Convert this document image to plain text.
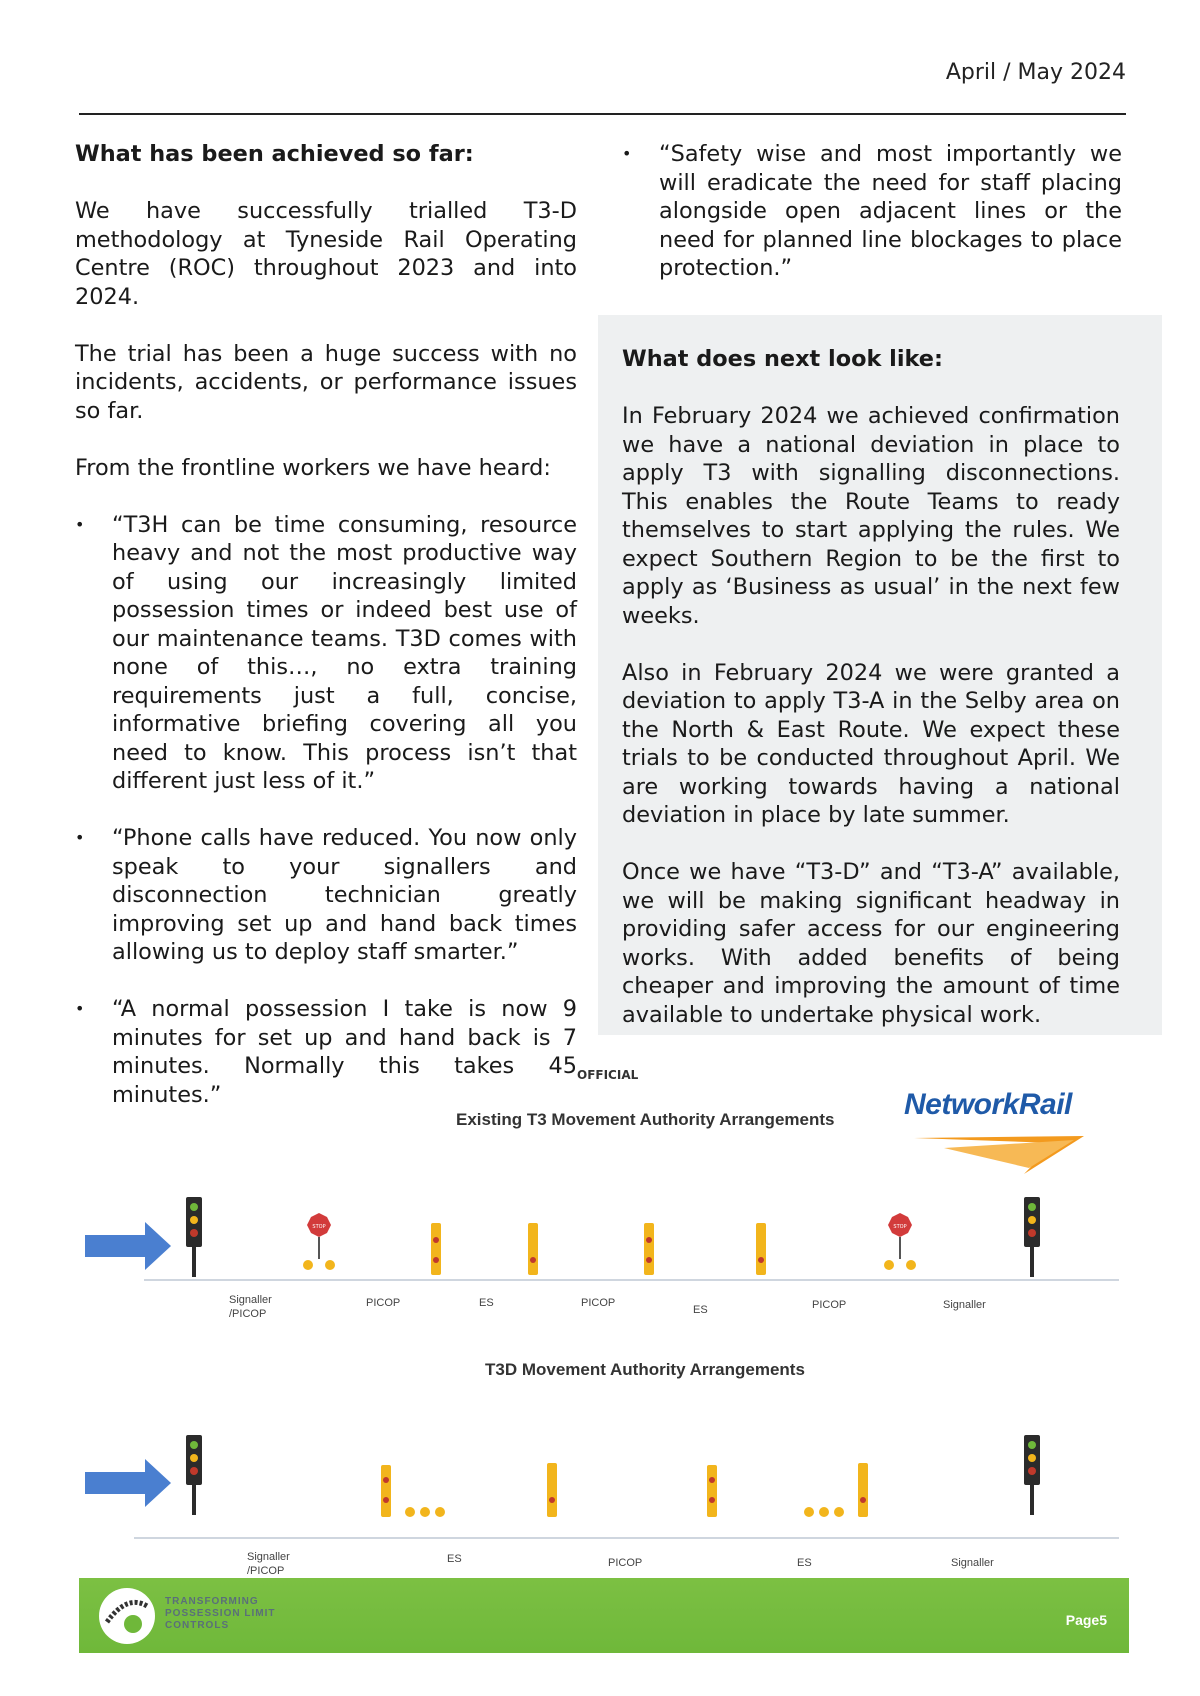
April / May 2024
What has been achieved so far:

We have successfully trialled T3-D methodology at Tyneside Rail Operating Centre (ROC) throughout 2023 and into 2024.

The trial has been a huge success with no incidents, accidents, or performance issues so far.

From the frontline workers we have heard:

• “T3H can be time consuming, resource heavy and not the most productive way of using our increasingly limited possession times or indeed best use of our maintenance teams. T3D comes with none of this…, no extra training requirements just a full, concise, informative briefing covering all you need to know. This process isn’t that different just less of it.”
• “Phone calls have reduced. You now only speak to your signallers and disconnection technician greatly improving set up and hand back times allowing us to deploy staff smarter.”
• “A normal possession I take is now 9 minutes for set up and hand back is 7 minutes. Normally this takes 45 minutes.”
• “Safety wise and most importantly we will eradicate the need for staff placing alongside open adjacent lines or the need for planned line blockages to place protection.”
What does next look like:

In February 2024 we achieved confirmation we have a national deviation in place to apply T3 with signalling disconnections. This enables the Route Teams to ready themselves to start applying the rules. We expect Southern Region to be the first to apply as ‘Business as usual’ in the next few weeks.

Also in February 2024 we were granted a deviation to apply T3-A in the Selby area on the North & East Route. We expect these trials to be conducted throughout April. We are working towards having a national deviation in place by late summer.

Once we have “T3-D” and “T3-A” available, we will be making significant headway in providing safer access for our engineering works. With added benefits of being cheaper and improving the amount of time available to undertake physical work.

OFFICIAL
Existing T3 Movement Authority Arrangements NetworkRail
STOP	STOP
Signaller /PICOP
PICOP	ES	PICOP
ES	PICOP	Signaller
T3D Movement Authority Arrangements
Signaller /PICOP
ES	PICOP	ES	Signaller
TRANSFORMING
POSSESSION LIMIT
CONTROLS	Page5
